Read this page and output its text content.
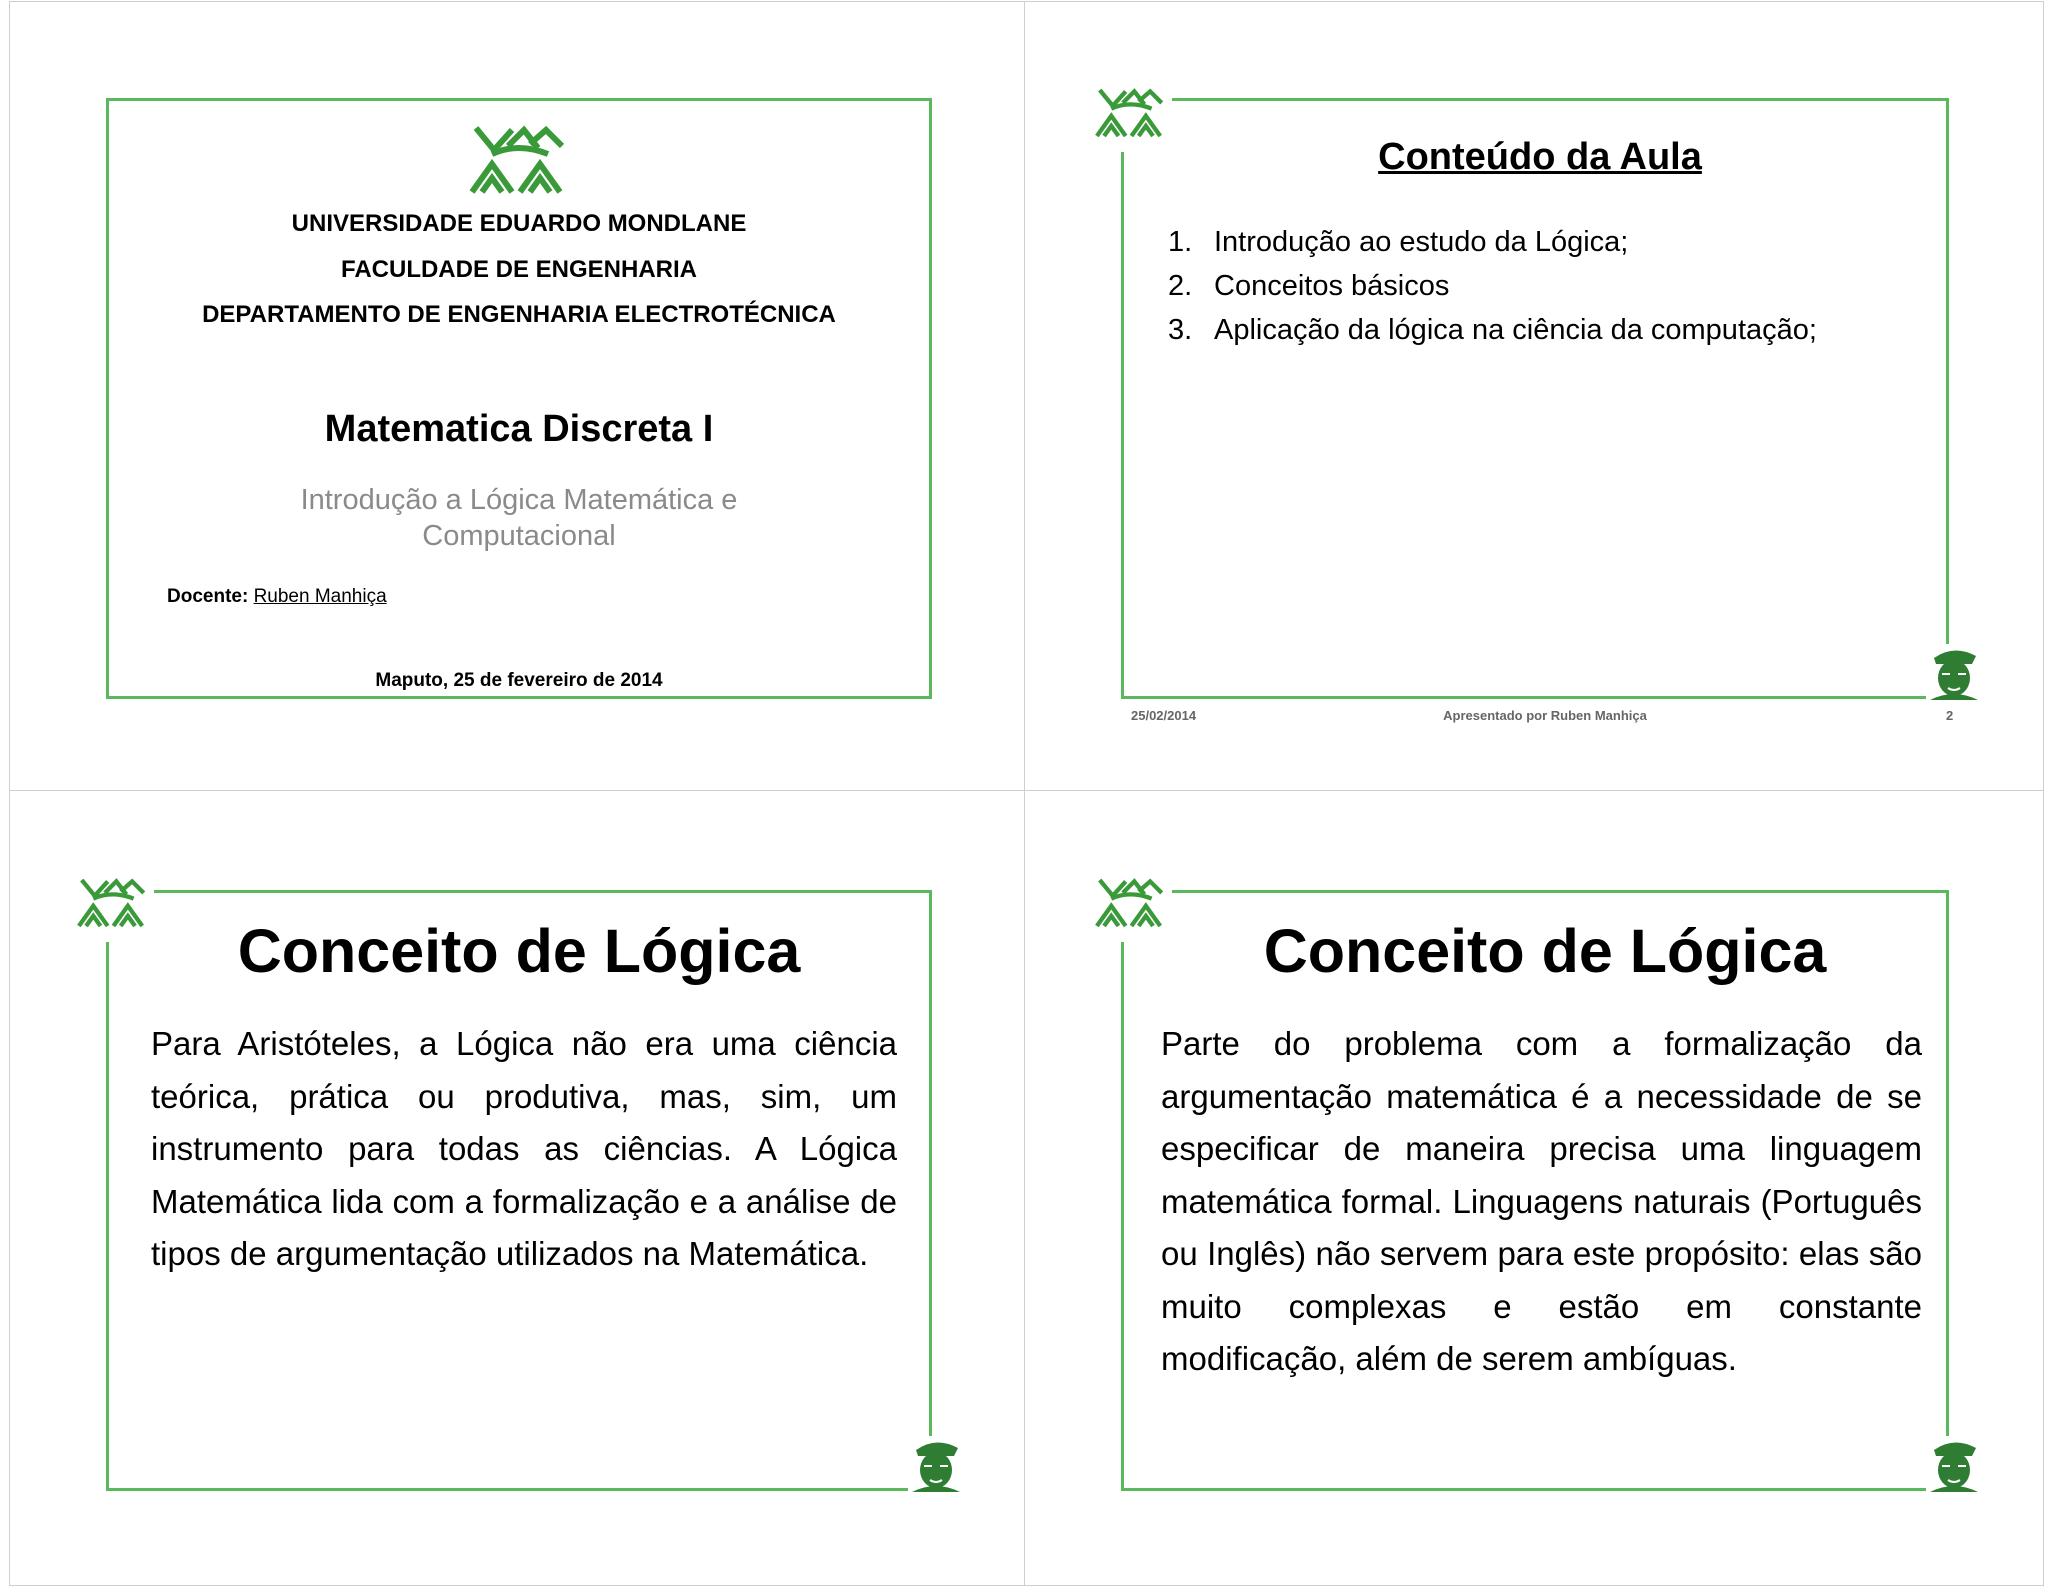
UNIVERSIDADE EDUARDO MONDLANE
FACULDADE DE ENGENHARIA
DEPARTAMENTO DE ENGENHARIA ELECTROTÉCNICA
Matematica Discreta I
Introdução a Lógica Matemática e
Computacional
Docente: Ruben Manhiça
Maputo, 25 de fevereiro de 2014
Conteúdo da Aula
1. Introdução ao estudo da Lógica;
2. Conceitos básicos
3. Aplicação da lógica na ciência da computação;
25/02/2014	Apresentado por Ruben Manhiça	2
Conceito de Lógica
Para Aristóteles, a Lógica não era uma ciência teórica, prática ou produtiva, mas, sim, um instrumento para todas as ciências. A Lógica Matemática lida com a formalização e a análise de tipos de argumentação utilizados na Matemática.
Conceito de Lógica
Parte do problema com a formalização da argumentação matemática é a necessidade de se especificar de maneira precisa uma linguagem matemática formal. Linguagens naturais (Português ou Inglês) não servem para este propósito: elas são muito complexas e estão em constante modificação, além de serem ambíguas.
